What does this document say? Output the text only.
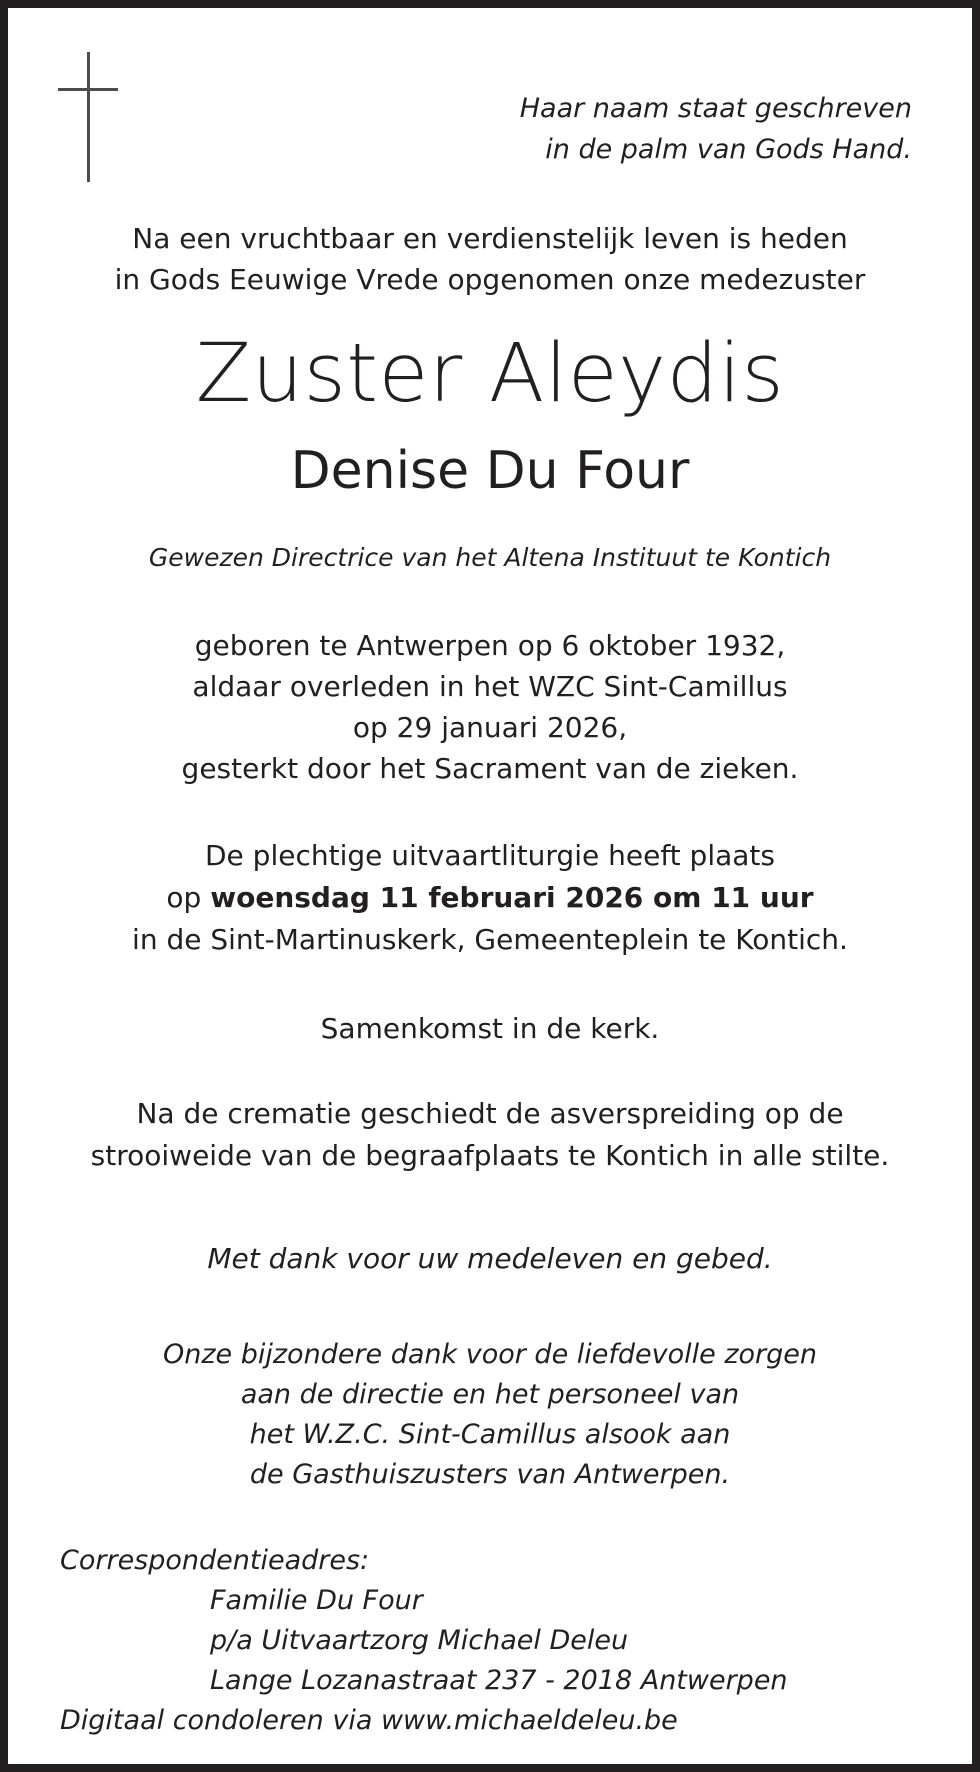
Haar naam staat geschreven
in de palm van Gods Hand.
Na een vruchtbaar en verdienstelijk leven is heden
in Gods Eeuwige Vrede opgenomen onze medezuster
Zuster Aleydis
Denise Du Four
Gewezen Directrice van het Altena Instituut te Kontich
geboren te Antwerpen op 6 oktober 1932,
aldaar overleden in het WZC Sint-Camillus
op 29 januari 2026,
gesterkt door het Sacrament van de zieken.
De plechtige uitvaartliturgie heeft plaats
op woensdag 11 februari 2026 om 11 uur
in de Sint-Martinuskerk, Gemeenteplein te Kontich.
Samenkomst in de kerk.
Na de crematie geschiedt de asverspreiding op de
strooiweide van de begraafplaats te Kontich in alle stilte.
Met dank voor uw medeleven en gebed.
Onze bijzondere dank voor de liefdevolle zorgen
aan de directie en het personeel van
het W.Z.C. Sint-Camillus alsook aan
de Gasthuiszusters van Antwerpen.
Correspondentieadres:
Familie Du Four
p/a Uitvaartzorg Michael Deleu
Lange Lozanastraat 237 - 2018 Antwerpen
Digitaal condoleren via www.michaeldeleu.be
